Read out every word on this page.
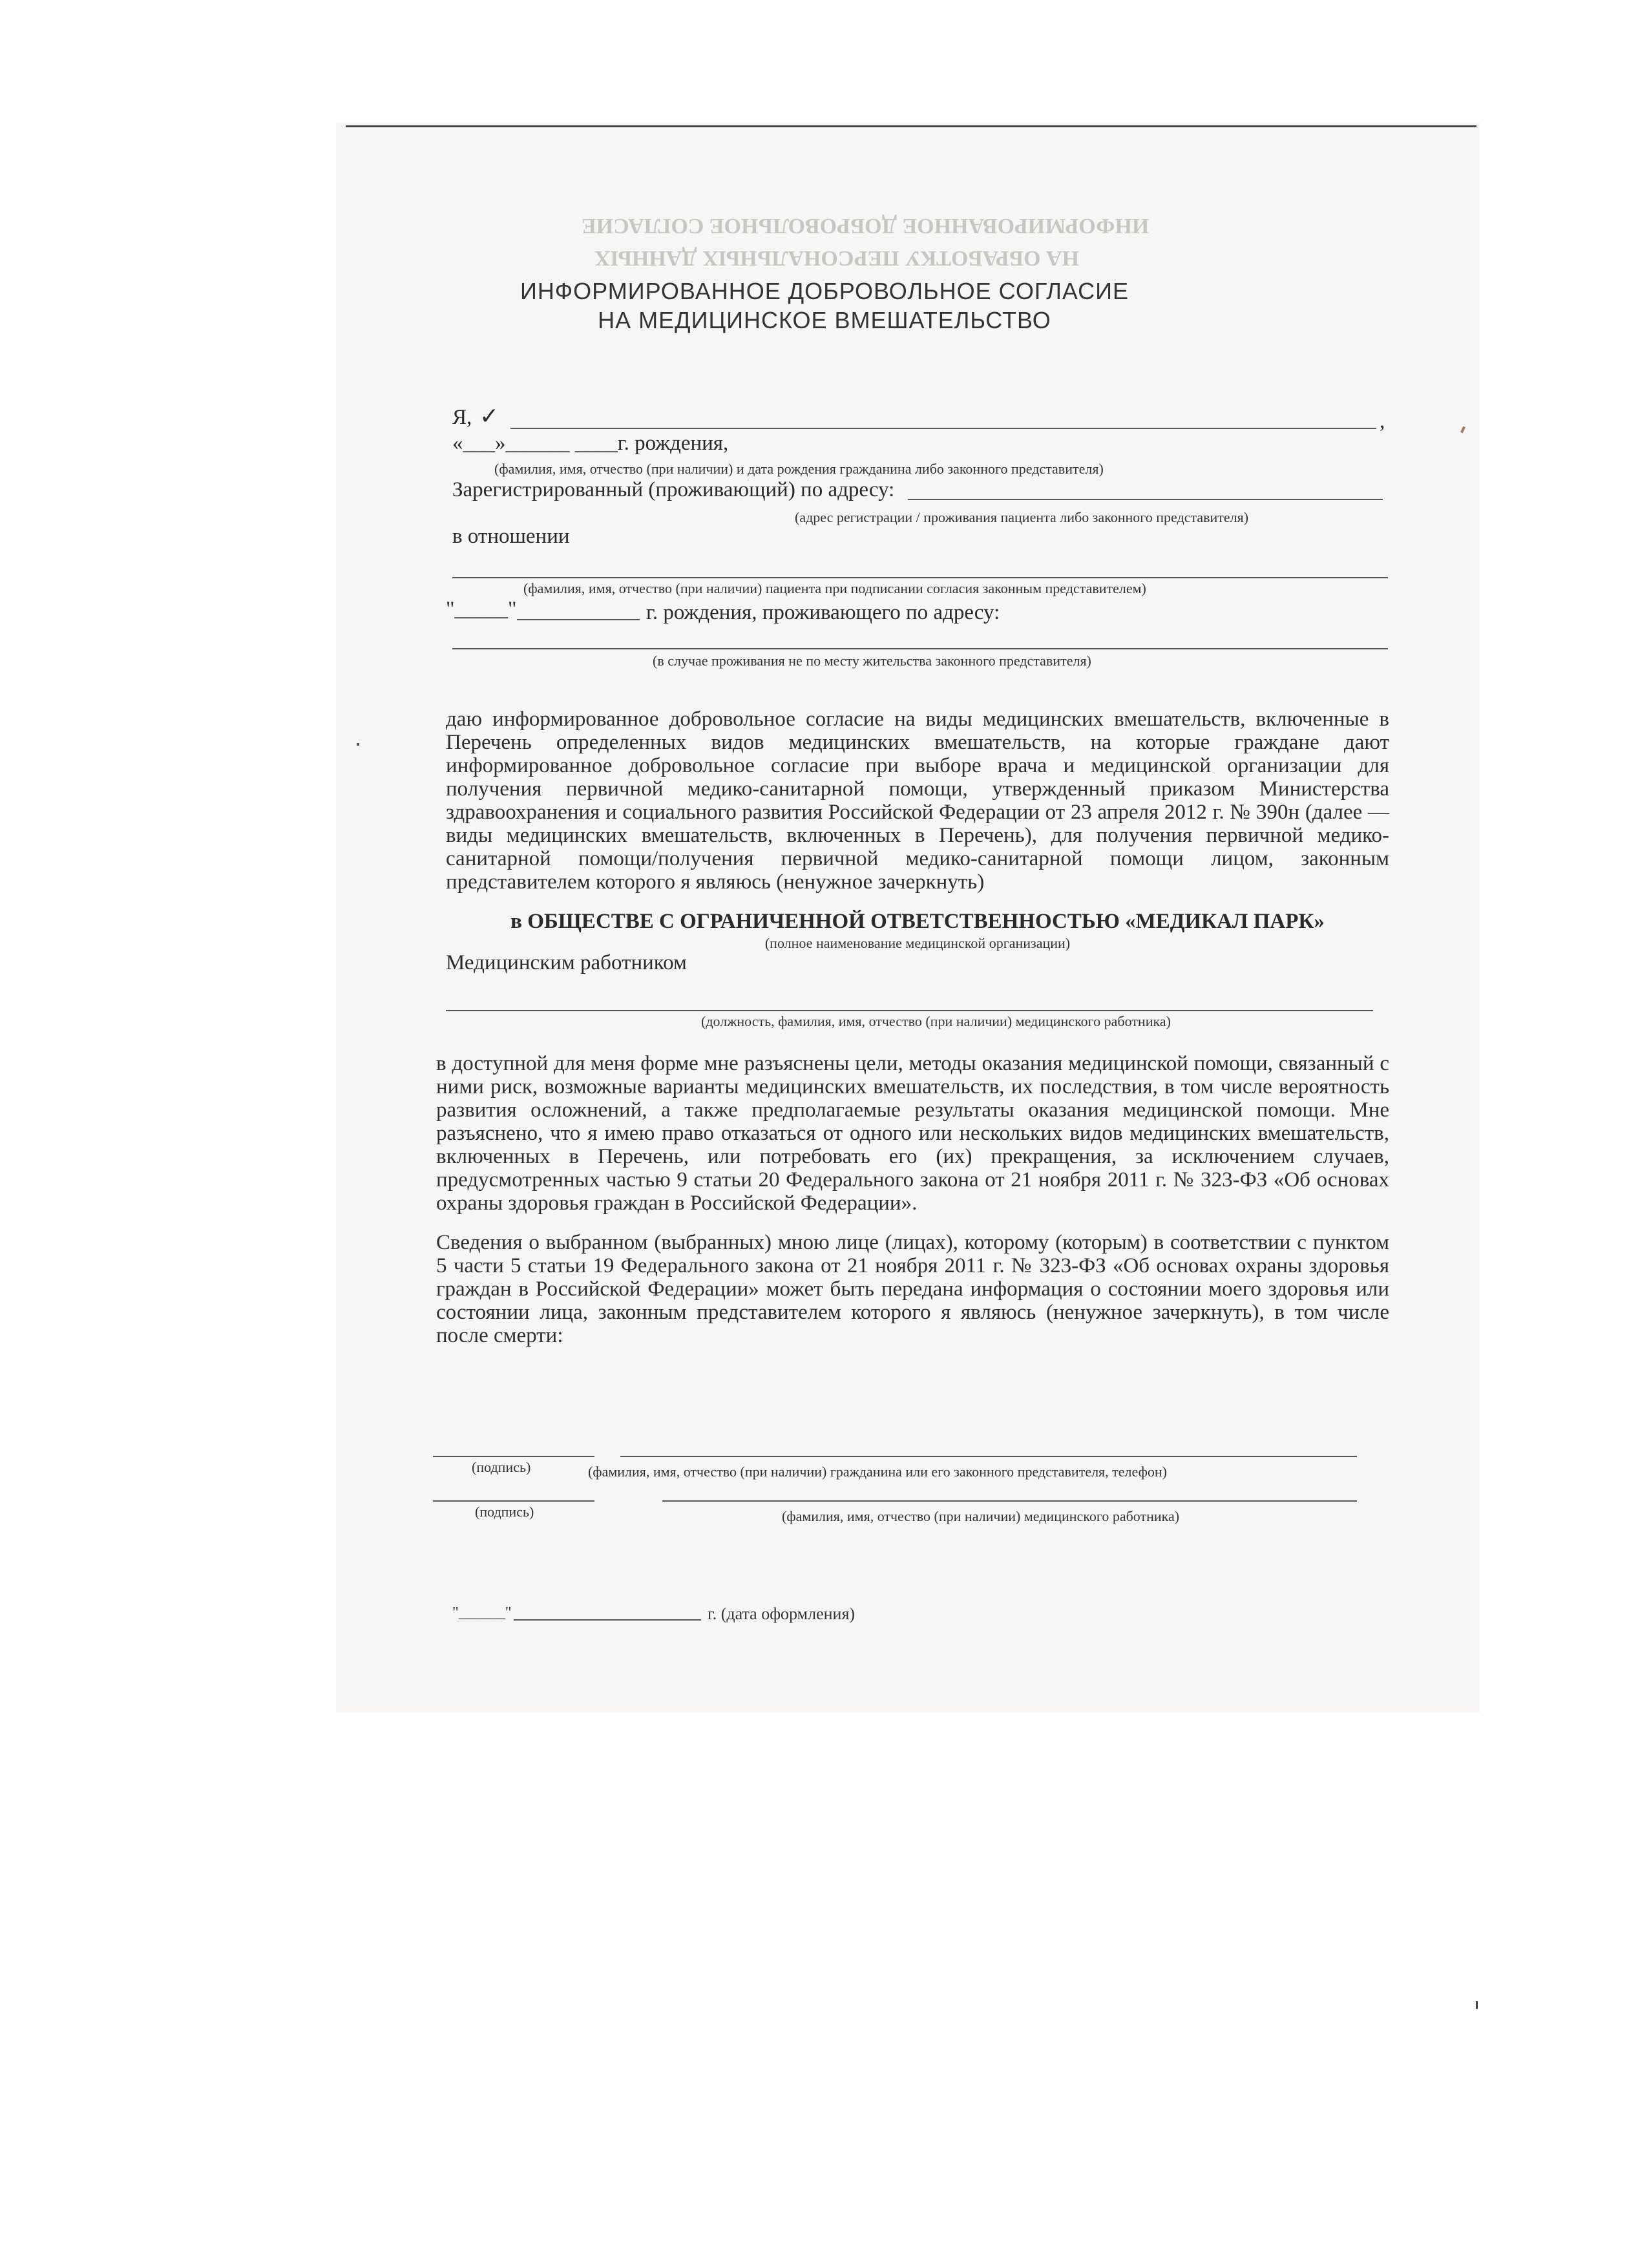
ИНФОРМИРОВАННОЕ ДОБРОВОЛЬНОЕ СОГЛАСИЕ
НА ОБРАБОТКУ ПЕРСОНАЛЬНЫХ ДАННЫХ
ИНФОРМИРОВАННОЕ ДОБРОВОЛЬНОЕ СОГЛАСИЕ
НА МЕДИЦИНСКОЕ ВМЕШАТЕЛЬСТВО
Я, ✓	,
«___»______ ____г. рождения,
(фамилия, имя, отчество (при наличии) и дата рождения гражданина либо законного представителя)
Зарегистрированный (проживающий) по адресу:
(адрес регистрации / проживания пациента либо законного представителя)
в отношении
(фамилия, имя, отчество (при наличии) пациента при подписании согласия законным представителем)
"_____"	г. рождения, проживающего по адресу:
(в случае проживания не по месту жительства законного представителя)
даю информированное добровольное согласие на виды медицинских вмешательств, включенные в Перечень определенных видов медицинских вмешательств, на которые граждане дают информированное добровольное согласие при выборе врача и медицинской организации для получения первичной медико-санитарной помощи, утвержденный приказом Министерства здравоохранения и социального развития Российской Федерации от 23 апреля 2012 г. № 390н (далее — виды медицинских вмешательств, включенных в Перечень), для получения первичной медико-санитарной помощи/получения первичной медико-санитарной помощи лицом, законным представителем которого я являюсь (ненужное зачеркнуть)
в ОБЩЕСТВЕ С ОГРАНИЧЕННОЙ ОТВЕТСТВЕННОСТЬЮ «МЕДИКАЛ ПАРК»
(полное наименование медицинской организации)
Медицинским работником
(должность, фамилия, имя, отчество (при наличии) медицинского работника)
в доступной для меня форме мне разъяснены цели, методы оказания медицинской помощи, связанный с ними риск, возможные варианты медицинских вмешательств, их последствия, в том числе вероятность развития осложнений, а также предполагаемые результаты оказания медицинской помощи. Мне разъяснено, что я имею право отказаться от одного или нескольких видов медицинских вмешательств, включенных в Перечень, или потребовать его (их) прекращения, за исключением случаев, предусмотренных частью 9 статьи 20 Федерального закона от 21 ноября 2011 г. № 323-ФЗ «Об основах охраны здоровья граждан в Российской Федерации».
Сведения о выбранном (выбранных) мною лице (лицах), которому (которым) в соответствии с пунктом 5 части 5 статьи 19 Федерального закона от 21 ноября 2011 г. № 323-ФЗ «Об основах охраны здоровья граждан в Российской Федерации» может быть передана информация о состоянии моего здоровья или состоянии лица, законным представителем которого я являюсь (ненужное зачеркнуть), в том числе после смерти:
(подпись)	(фамилия, имя, отчество (при наличии) гражданина или его законного представителя, телефон)
(подпись)	(фамилия, имя, отчество (при наличии) медицинского работника)
"______"	г. (дата оформления)
